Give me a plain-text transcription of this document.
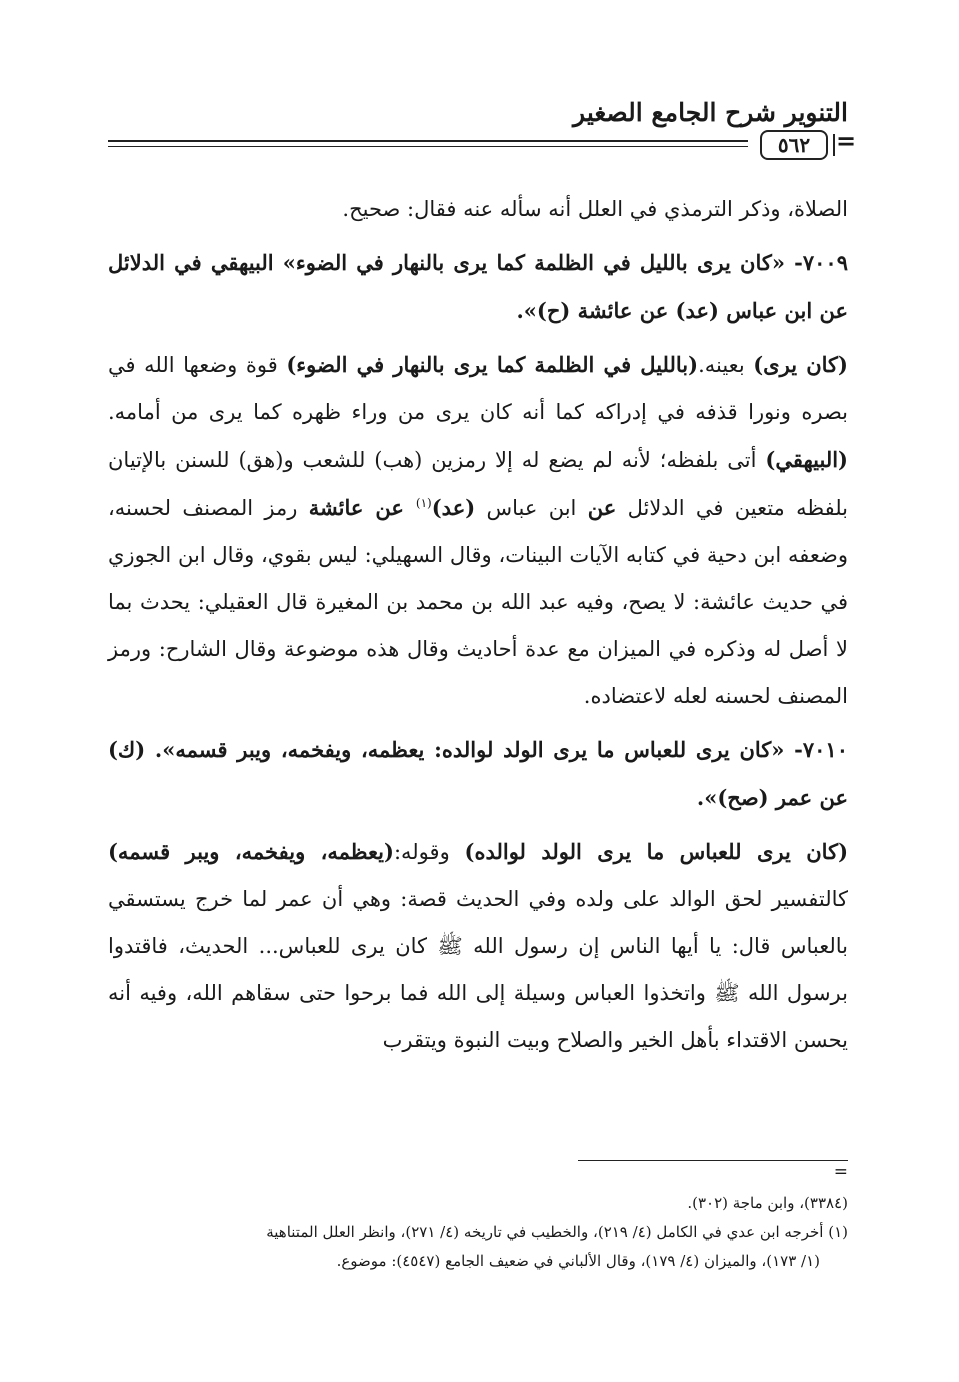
التنوير شرح الجامع الصغير
٥٦٢	=

الصلاة، وذكر الترمذي في العلل أنه سأله عنه فقال: صحيح.

٧٠٠٩- «كان يرى بالليل في الظلمة كما يرى بالنهار في الضوء» البيهقي في الدلائل عن ابن عباس (عد) عن عائشة (ح)».

(كان يرى) بعينه.(بالليل في الظلمة كما يرى بالنهار في الضوء) قوة وضعها الله في بصره ونورا قذفه في إدراكه كما أنه كان يرى من وراء ظهره كما يرى من أمامه. (البيهقي) أتى بلفظه؛ لأنه لم يضع له إلا رمزين (هب) للشعب و(هق) للسنن بالإتيان بلفظه متعين في الدلائل عن ابن عباس (عد)$^{(١)}$ عن عائشة رمز المصنف لحسنه، وضعفه ابن دحية في كتابه الآيات البينات، وقال السهيلي: ليس بقوي، وقال ابن الجوزي في حديث عائشة: لا يصح، وفيه عبد الله بن محمد بن المغيرة قال العقيلي: يحدث بما لا أصل له وذكره في الميزان مع عدة أحاديث وقال هذه موضوعة وقال الشارح: ورمز المصنف لحسنه لعله لاعتضاده.

٧٠١٠- «كان يرى للعباس ما يرى الولد لوالده: يعظمه، ويفخمه، ويبر قسمه». (ك) عن عمر (صح)».

(كان يرى للعباس ما يرى الولد لوالده) وقوله:(يعظمه، ويفخمه، ويبر قسمه) كالتفسير لحق الوالد على ولده وفي الحديث قصة: وهي أن عمر لما خرج يستسقي بالعباس قال: يا أيها الناس إن رسول الله ﷺ كان يرى للعباس... الحديث، فاقتدوا برسول الله ﷺ واتخذوا العباس وسيلة إلى الله فما برحوا حتى سقاهم الله، وفيه أنه يحسن الاقتداء بأهل الخير والصلاح وبيت النبوة ويتقرب

=

(٣٣٨٤)، وابن ماجة (٣٠٢).

(١) أخرجه ابن عدي في الكامل (٤/ ٢١٩)، والخطيب في تاريخه (٤/ ٢٧١)، وانظر العلل المتناهية

(١/ ١٧٣)، والميزان (٤/ ١٧٩)، وقال الألباني في ضعيف الجامع (٤٥٤٧): موضوع.
